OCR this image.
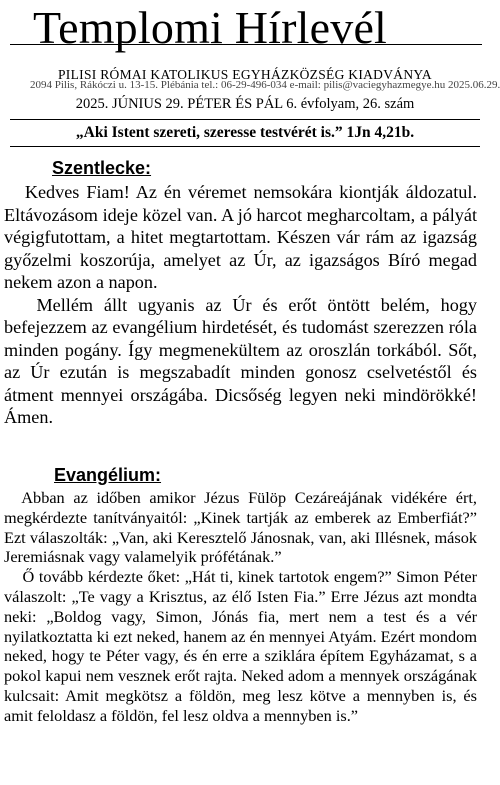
Templomi Hírlevél
PILISI RÓMAI KATOLIKUS EGYHÁZKÖZSÉG KIADVÁNYA
2094 Pilis, Rákóczi u. 13-15. Plébánia tel.: 06-29-496-034 e-mail: pilis@vaciegyhazmegye.hu 2025.06.29.
2025. JÚNIUS 29. PÉTER ÉS PÁL 6. évfolyam, 26. szám
„Aki Istent szereti, szeresse testvérét is.” 1Jn 4,21b.
Szentlecke:

Kedves Fiam! Az én véremet nemsokára kiontják áldozatul. Eltávozásom ideje közel van. A jó harcot megharcoltam, a pályát végigfutottam, a hitet megtartottam. Készen vár rám az igazság győzelmi koszorúja, amelyet az Úr, az igazságos Bíró megad nekem azon a napon.

Mellém állt ugyanis az Úr és erőt öntött belém, hogy befejezzem az evangélium hirdetését, és tudomást szerezzen róla minden pogány. Így megmenekültem az oroszlán torkából. Sőt, az Úr ezután is megszabadít minden gonosz cselvetéstől és átment mennyei országába. Dicsőség legyen neki mindörökké! Ámen.

Evangélium:

Abban az időben amikor Jézus Fülöp Cezáreájának vidékére ért, megkérdezte tanítványaitól: „Kinek tartják az emberek az Emberfiát?” Ezt válaszolták: „Van, aki Keresztelő Jánosnak, van, aki Illésnek, mások Jeremiásnak vagy valamelyik prófétának.”

Ő tovább kérdezte őket: „Hát ti, kinek tartotok engem?” Simon Péter válaszolt: „Te vagy a Krisztus, az élő Isten Fia.” Erre Jézus azt mondta neki: „Boldog vagy, Simon, Jónás fia, mert nem a test és a vér nyilatkoztatta ki ezt neked, hanem az én mennyei Atyám. Ezért mondom neked, hogy te Péter vagy, és én erre a sziklára építem Egyházamat, s a pokol kapui nem vesznek erőt rajta. Neked adom a mennyek országának kulcsait: Amit megkötsz a földön, meg lesz kötve a mennyben is, és amit feloldasz a földön, fel lesz oldva a mennyben is.”
